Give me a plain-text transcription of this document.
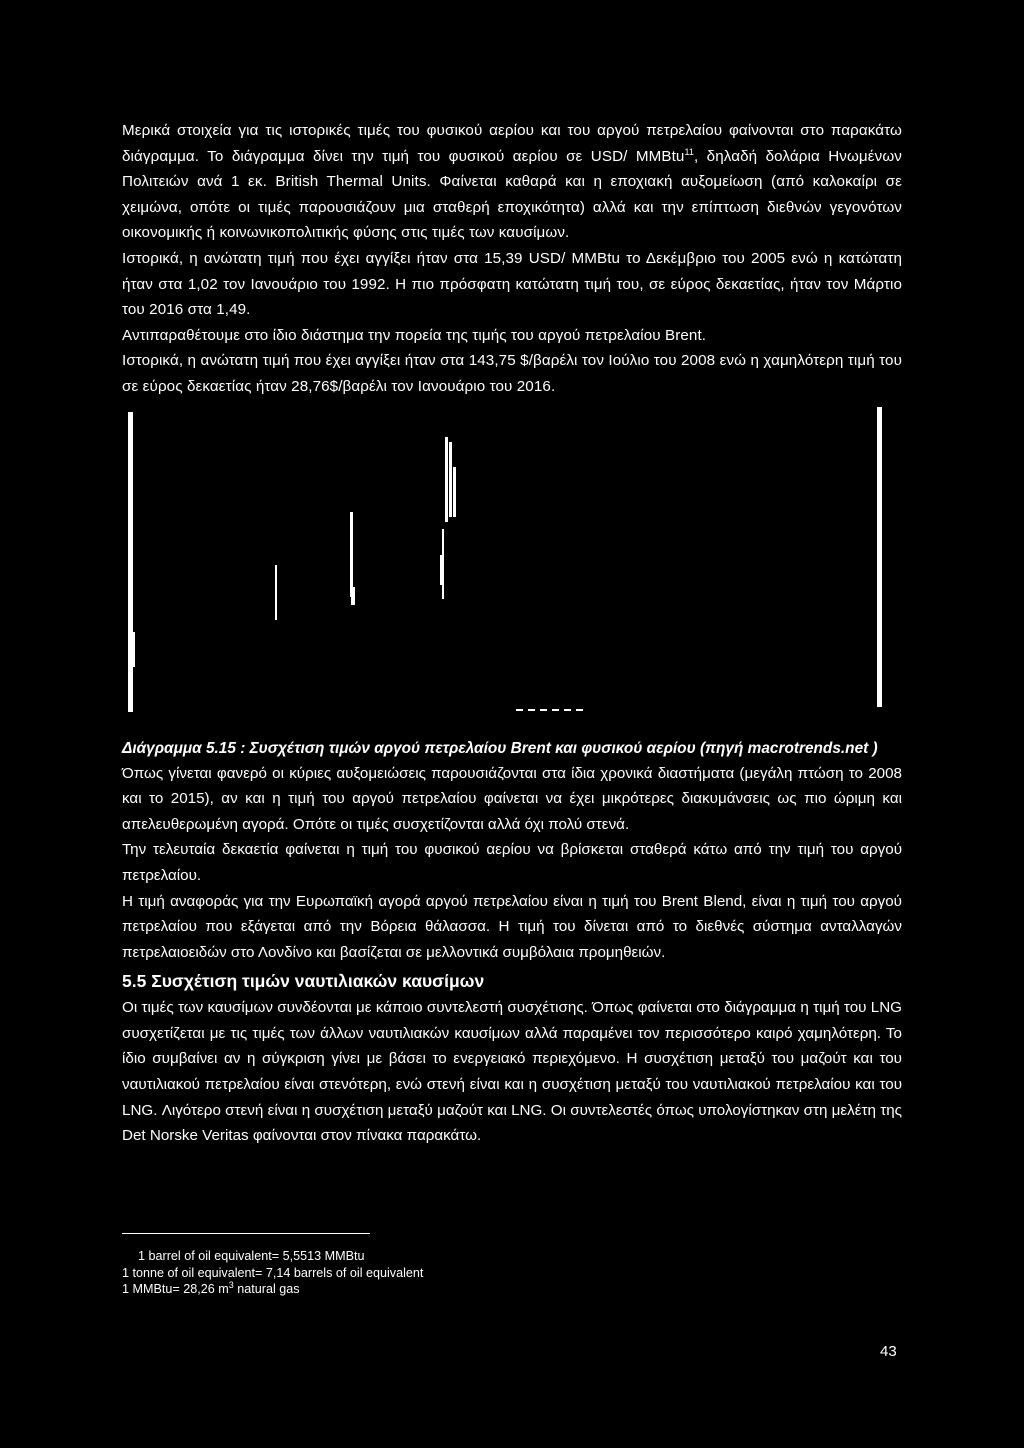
Μερικά στοιχεία για τις ιστορικές τιμές του φυσικού αερίου και του αργού πετρελαίου φαίνονται στο παρακάτω διάγραμμα. Το διάγραμμα δίνει την τιμή του φυσικού αερίου σε USD/ MMBtu$^{11}$, δηλαδή δολάρια Ηνωμένων Πολιτειών ανά 1 εκ. British Thermal Units. Φαίνεται καθαρά και η εποχιακή αυξομείωση (από καλοκαίρι σε χειμώνα, οπότε οι τιμές παρουσιάζουν μια σταθερή εποχικότητα) αλλά και την επίπτωση διεθνών γεγονότων οικονομικής ή κοινωνικοπολιτικής φύσης στις τιμές των καυσίμων.

Ιστορικά, η ανώτατη τιμή που έχει αγγίξει ήταν στα 15,39 USD/ MMBtu το Δεκέμβριο του 2005 ενώ η κατώτατη ήταν στα 1,02 τον Ιανουάριο του 1992. Η πιο πρόσφατη κατώτατη τιμή του, σε εύρος δεκαετίας, ήταν τον Μάρτιο του 2016 στα 1,49.

Αντιπαραθέτουμε στο ίδιο διάστημα την πορεία της τιμής του αργού πετρελαίου Brent.

Ιστορικά, η ανώτατη τιμή που έχει αγγίξει ήταν στα 143,75 $/βαρέλι τον Ιούλιο του 2008 ενώ η χαμηλότερη τιμή του σε εύρος δεκαετίας ήταν 28,76$/βαρέλι τον Ιανουάριο του 2016.

Διάγραμμα 5.15 : Συσχέτιση τιμών αργού πετρελαίου Brent και φυσικού αερίου (πηγή macrotrends.net )

Όπως γίνεται φανερό οι κύριες αυξομειώσεις παρουσιάζονται στα ίδια χρονικά διαστήματα (μεγάλη πτώση το 2008 και το 2015), αν και η τιμή του αργού πετρελαίου φαίνεται να έχει μικρότερες διακυμάνσεις ως πιο ώριμη και απελευθερωμένη αγορά. Οπότε οι τιμές συσχετίζονται αλλά όχι πολύ στενά.

Την τελευταία δεκαετία φαίνεται η τιμή του φυσικού αερίου να βρίσκεται σταθερά κάτω από την τιμή του αργού πετρελαίου.

Η τιμή αναφοράς για την Ευρωπαϊκή αγορά αργού πετρελαίου είναι η τιμή του Brent Blend, είναι η τιμή του αργού πετρελαίου που εξάγεται από την Βόρεια θάλασσα. Η τιμή του δίνεται από το διεθνές σύστημα ανταλλαγών πετρελαιοειδών στο Λονδίνο και βασίζεται σε μελλοντικά συμβόλαια προμηθειών.

5.5 Συσχέτιση τιμών ναυτιλιακών καυσίμων

Οι τιμές των καυσίμων συνδέονται με κάποιο συντελεστή συσχέτισης. Όπως φαίνεται στο διάγραμμα η τιμή του LNG συσχετίζεται με τις τιμές των άλλων ναυτιλιακών καυσίμων αλλά παραμένει τον περισσότερο καιρό χαμηλότερη. Το ίδιο συμβαίνει αν η σύγκριση γίνει με βάσει το ενεργειακό περιεχόμενο. Η συσχέτιση μεταξύ του μαζούτ και του ναυτιλιακού πετρελαίου είναι στενότερη, ενώ στενή είναι και η συσχέτιση μεταξύ του ναυτιλιακού πετρελαίου και του LNG. Λιγότερο στενή είναι η συσχέτιση μεταξύ μαζούτ και LNG. Οι συντελεστές όπως υπολογίστηκαν στη μελέτη της Det Norske Veritas φαίνονται στον πίνακα παρακάτω.

1 barrel of oil equivalent= 5,5513 MMBtu
1 tonne of oil equivalent= 7,14 barrels of oil equivalent
1 MMBtu= 28,26 $m^3$ natural gas
43
